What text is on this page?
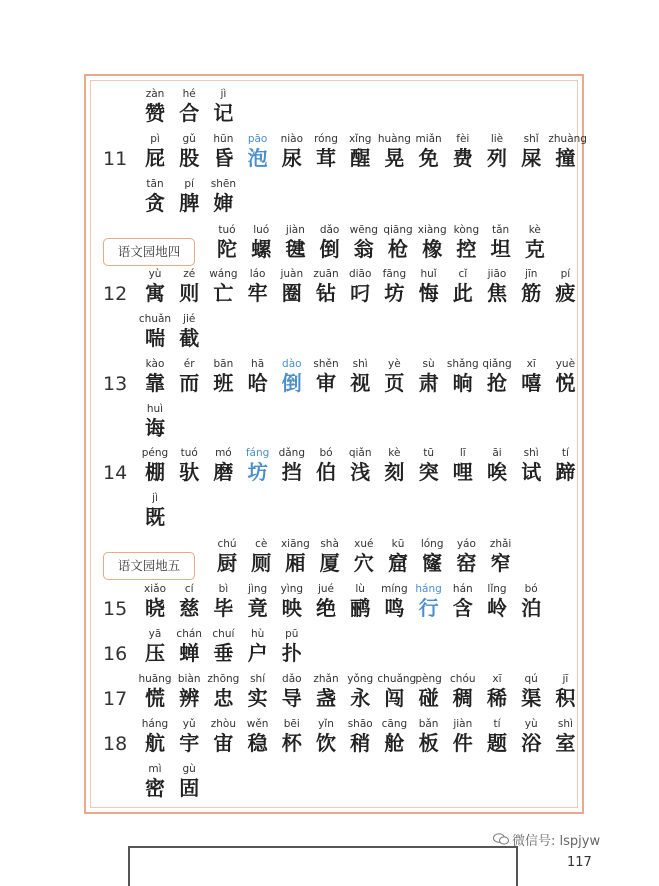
zàn
赞
hé
合
jì
记
11
pì
屁
gǔ
股
hūn
昏
pāo
泡
niào
尿
róng
茸
xǐng
醒
huàng
晃
miǎn
免
fèi
费
liè
列
shǐ
屎
zhuàng
撞
tān
贪
pí
脾
shēn
婶
语文园地四
tuó
陀
luó
螺
jiàn
毽
dǎo
倒
wēng
翁
qiāng
枪
xiàng
橡
kòng
控
tǎn
坦
kè
克
12
yù
寓
zé
则
wáng
亡
láo
牢
juàn
圈
zuān
钻
diāo
叼
fāng
坊
huǐ
悔
cǐ
此
jiāo
焦
jīn
筋
pí
疲
chuǎn
喘
jié
截
13
kào
靠
ér
而
bān
班
hā
哈
dào
倒
shěn
审
shì
视
yè
页
sù
肃
shǎng
晌
qiǎng
抢
xī
嘻
yuè
悦
huì
诲
14
péng
棚
tuó
驮
mó
磨
fáng
坊
dǎng
挡
bó
伯
qiǎn
浅
kè
刻
tū
突
lī
哩
āi
唉
shì
试
tí
蹄
jì
既
语文园地五
chú
厨
cè
厕
xiāng
厢
shà
厦
xué
穴
kū
窟
lóng
窿
yáo
窑
zhǎi
窄
15
xiǎo
晓
cí
慈
bì
毕
jìng
竟
yìng
映
jué
绝
lù
鹂
míng
鸣
háng
行
hán
含
lǐng
岭
bó
泊
16
yā
压
chán
蝉
chuí
垂
hù
户
pū
扑
17
huāng
慌
biàn
辨
zhōng
忠
shí
实
dǎo
导
zhǎn
盏
yǒng
永
chuǎng
闯
pèng
碰
chóu
稠
xī
稀
qú
渠
jī
积
18
háng
航
yǔ
宇
zhòu
宙
wěn
稳
bēi
杯
yǐn
饮
shāo
稍
cāng
舱
bǎn
板
jiàn
件
tí
题
yù
浴
shì
室
mì
密
gù
固
微信号: lspjyw
117
